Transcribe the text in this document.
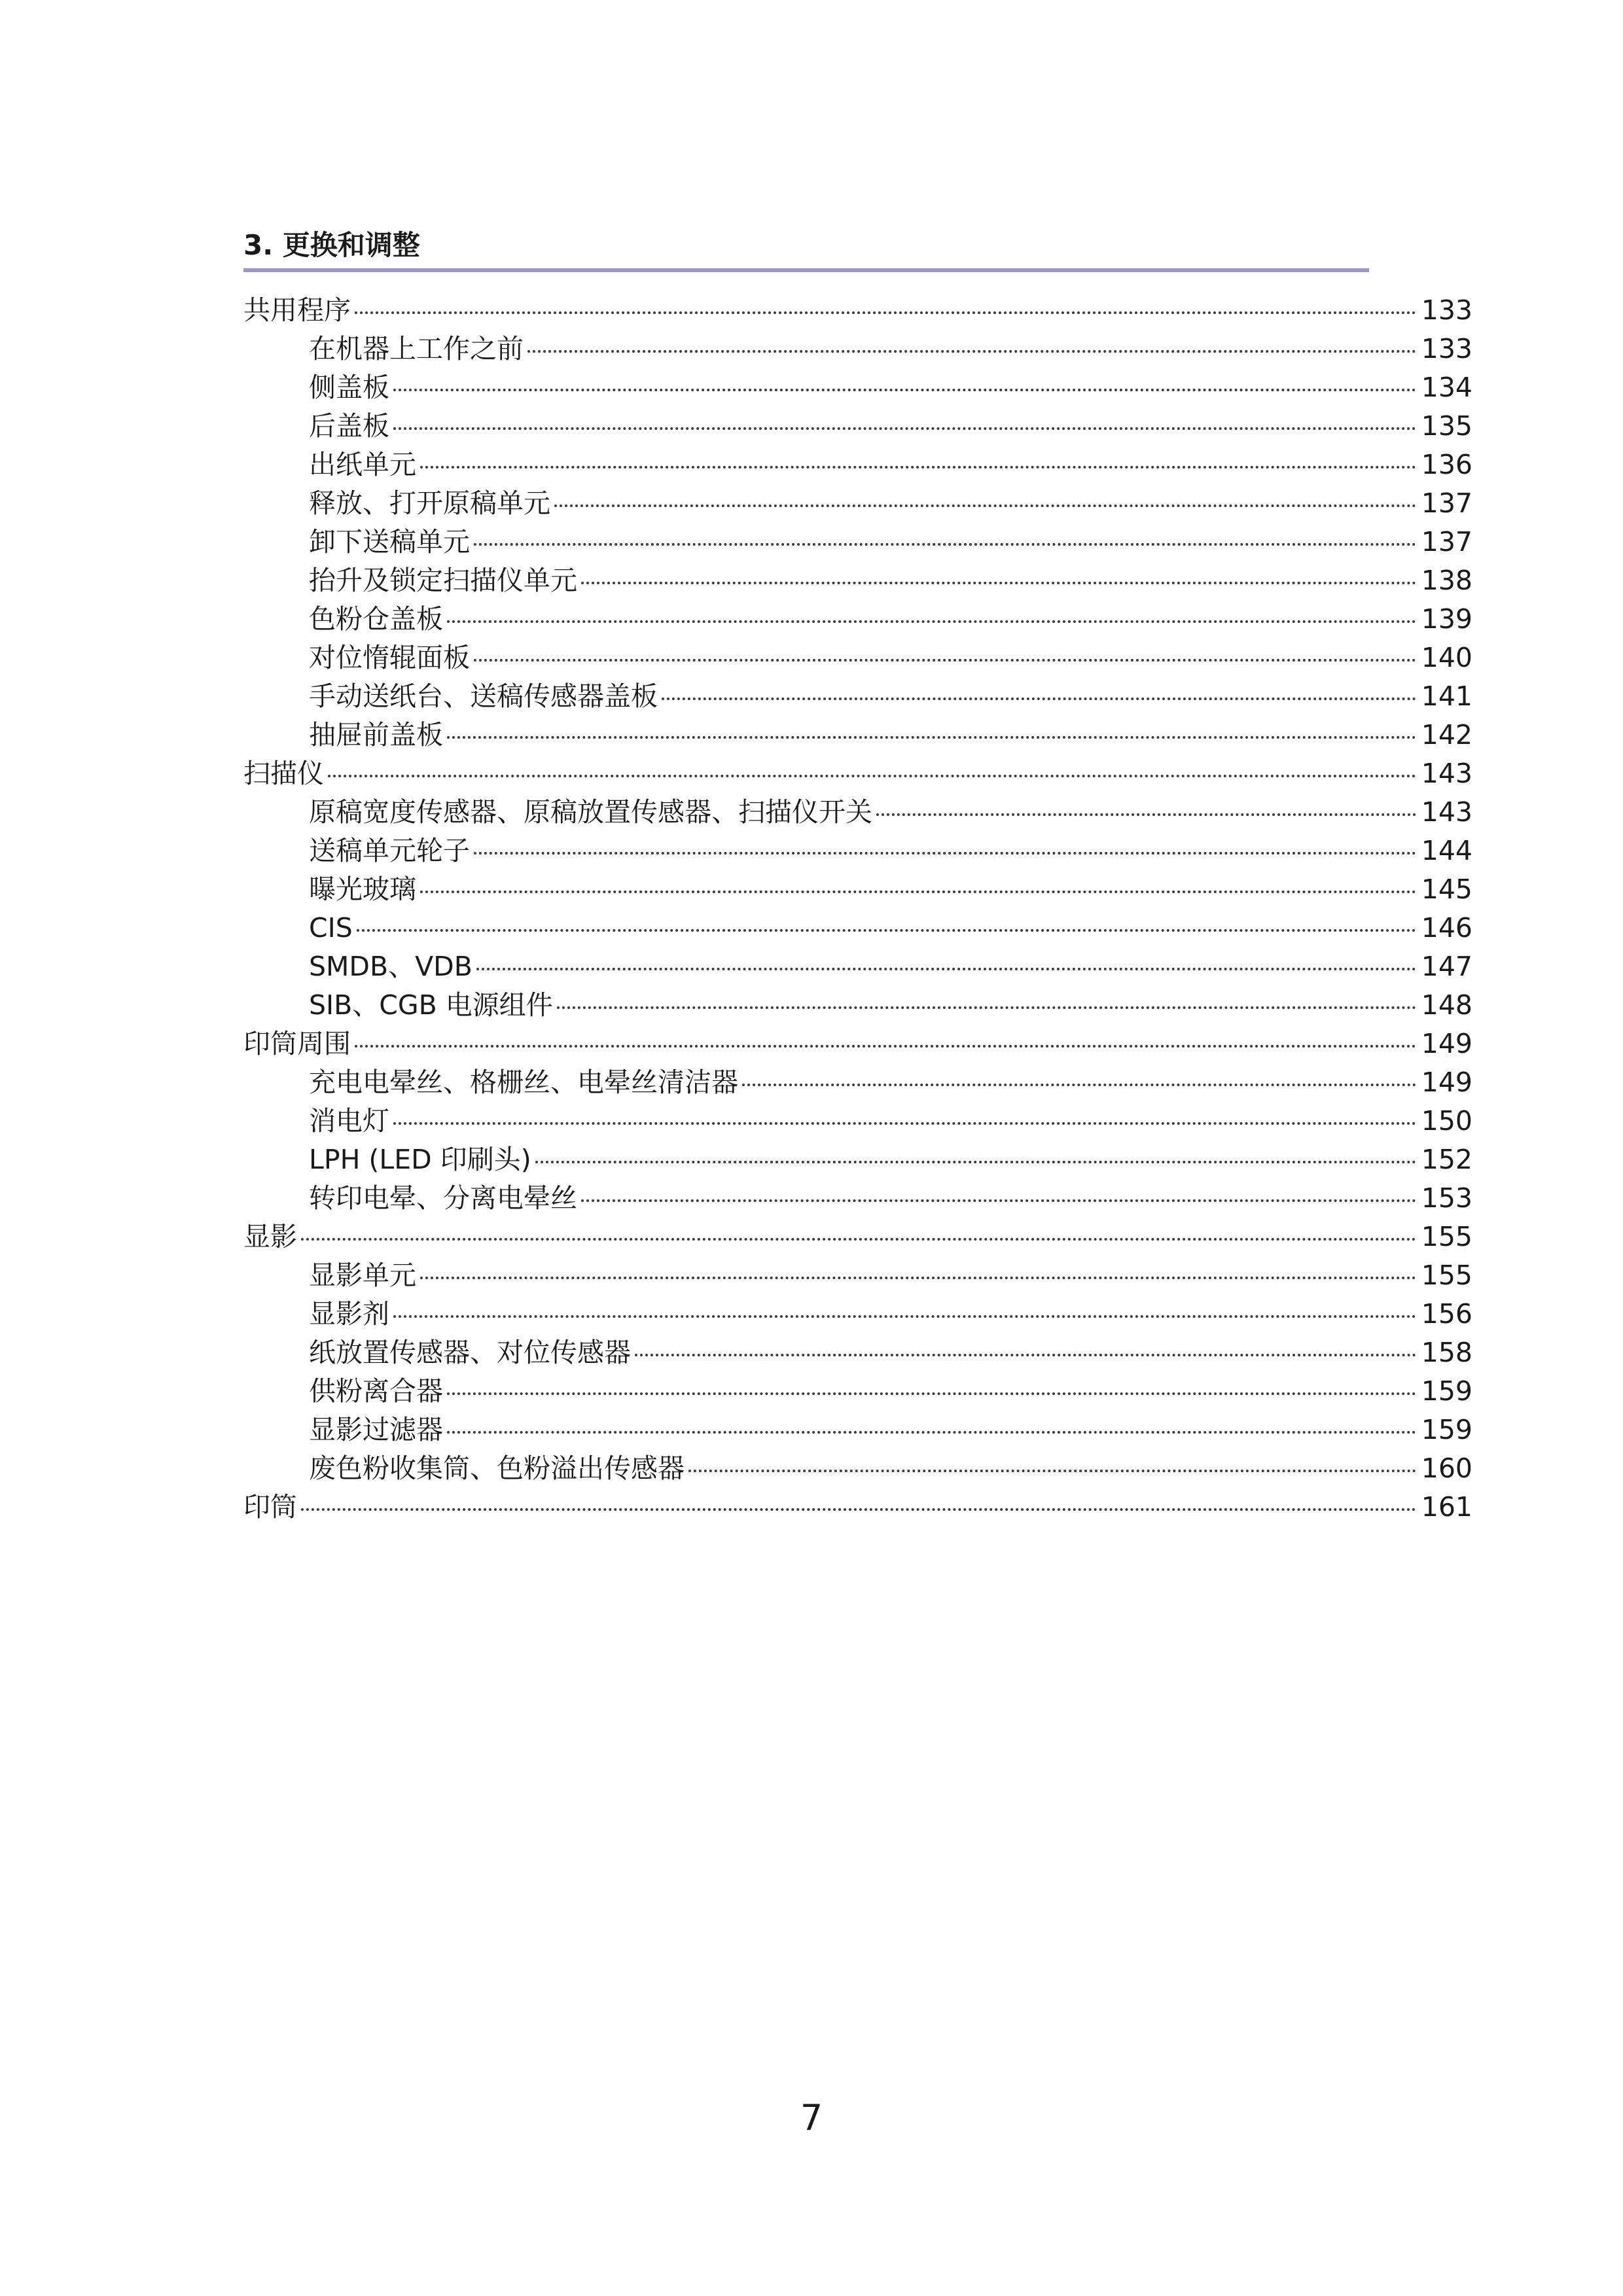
3. 更换和调整
共用程序	133
在机器上工作之前	133
侧盖板	134
后盖板	135
出纸单元	136
释放、打开原稿单元	137
卸下送稿单元	137
抬升及锁定扫描仪单元	138
色粉仓盖板	139
对位惰辊面板	140
手动送纸台、送稿传感器盖板	141
抽屉前盖板	142
扫描仪	143
原稿宽度传感器、原稿放置传感器、扫描仪开关	143
送稿单元轮子	144
曝光玻璃	145
CIS	146
SMDB、VDB	147
SIB、CGB 电源组件	148
印筒周围	149
充电电晕丝、格栅丝、电晕丝清洁器	149
消电灯	150
LPH (LED 印刷头)	152
转印电晕、分离电晕丝	153
显影	155
显影单元	155
显影剂	156
纸放置传感器、对位传感器	158
供粉离合器	159
显影过滤器	159
废色粉收集筒、色粉溢出传感器	160
印筒	161
7
